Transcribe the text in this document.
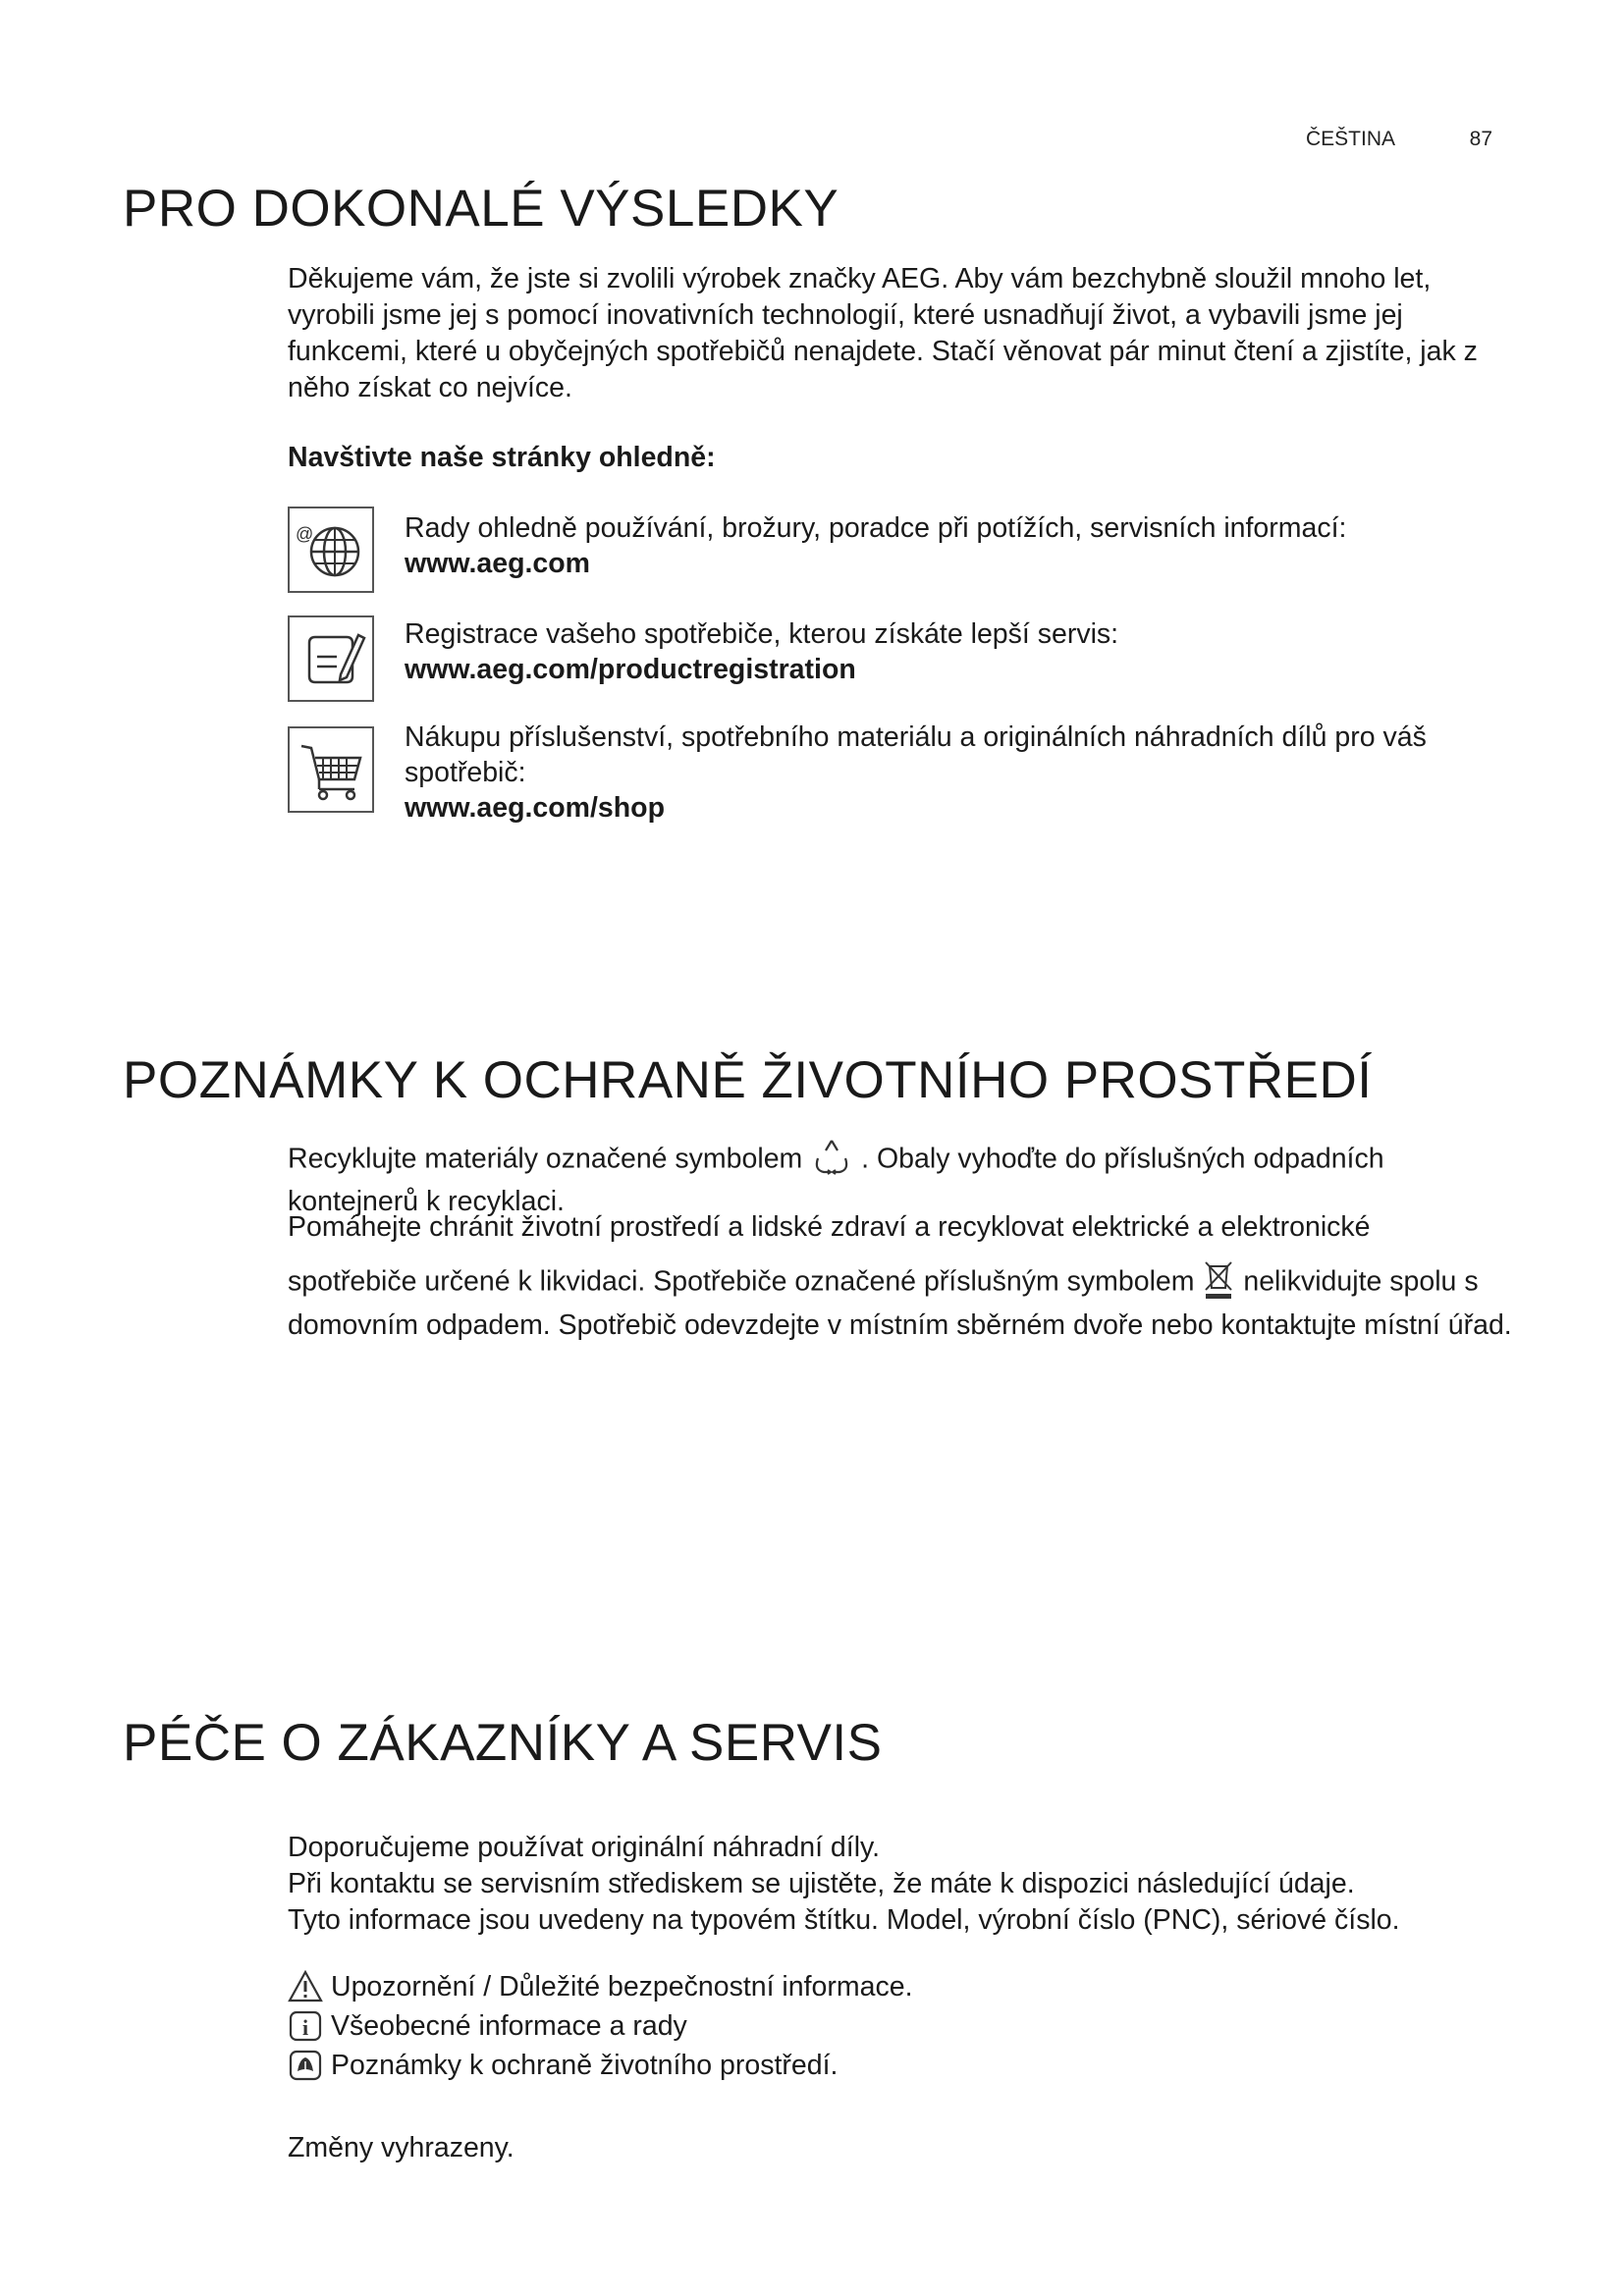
ČEŠTINA	87
PRO DOKONALÉ VÝSLEDKY

Děkujeme vám, že jste si zvolili výrobek značky AEG. Aby vám bezchybně sloužil mnoho let, vyrobili jsme jej s pomocí inovativních technologií, které usnadňují život, a vybavili jsme jej funkcemi, které u obyčejných spotřebičů nenajdete. Stačí věnovat pár minut čtení a zjistíte, jak z něho získat co nejvíce.

Navštivte naše stránky ohledně:
@	Rady ohledně používání, brožury, poradce při potížích, servisních informací:
www.aeg.com
Registrace vašeho spotřebiče, kterou získáte lepší servis:
www.aeg.com/productregistration
Nákupu příslušenství, spotřebního materiálu a originálních náhradních dílů pro váš spotřebič:
www.aeg.com/shop
POZNÁMKY K OCHRANĚ ŽIVOTNÍHO PROSTŘEDÍ
Recyklujte materiály označené symbolem . Obaly vyhoďte do příslušných odpadních kontejnerů k recyklaci.
Pomáhejte chránit životní prostředí a lidské zdraví a recyklovat elektrické a elektronické
spotřebiče určené k likvidaci. Spotřebiče označené příslušným symbolem nelikvidujte spolu s domovním odpadem. Spotřebič odevzdejte v místním sběrném dvoře nebo kontaktujte místní úřad.
PÉČE O ZÁKAZNÍKY A SERVIS
Doporučujeme používat originální náhradní díly.
Při kontaktu se servisním střediskem se ujistěte, že máte k dispozici následující údaje.
Tyto informace jsou uvedeny na typovém štítku. Model, výrobní číslo (PNC), sériové číslo.
Upozornění / Důležité bezpečnostní informace.
i Všeobecné informace a rady
Poznámky k ochraně životního prostředí.
Změny vyhrazeny.
